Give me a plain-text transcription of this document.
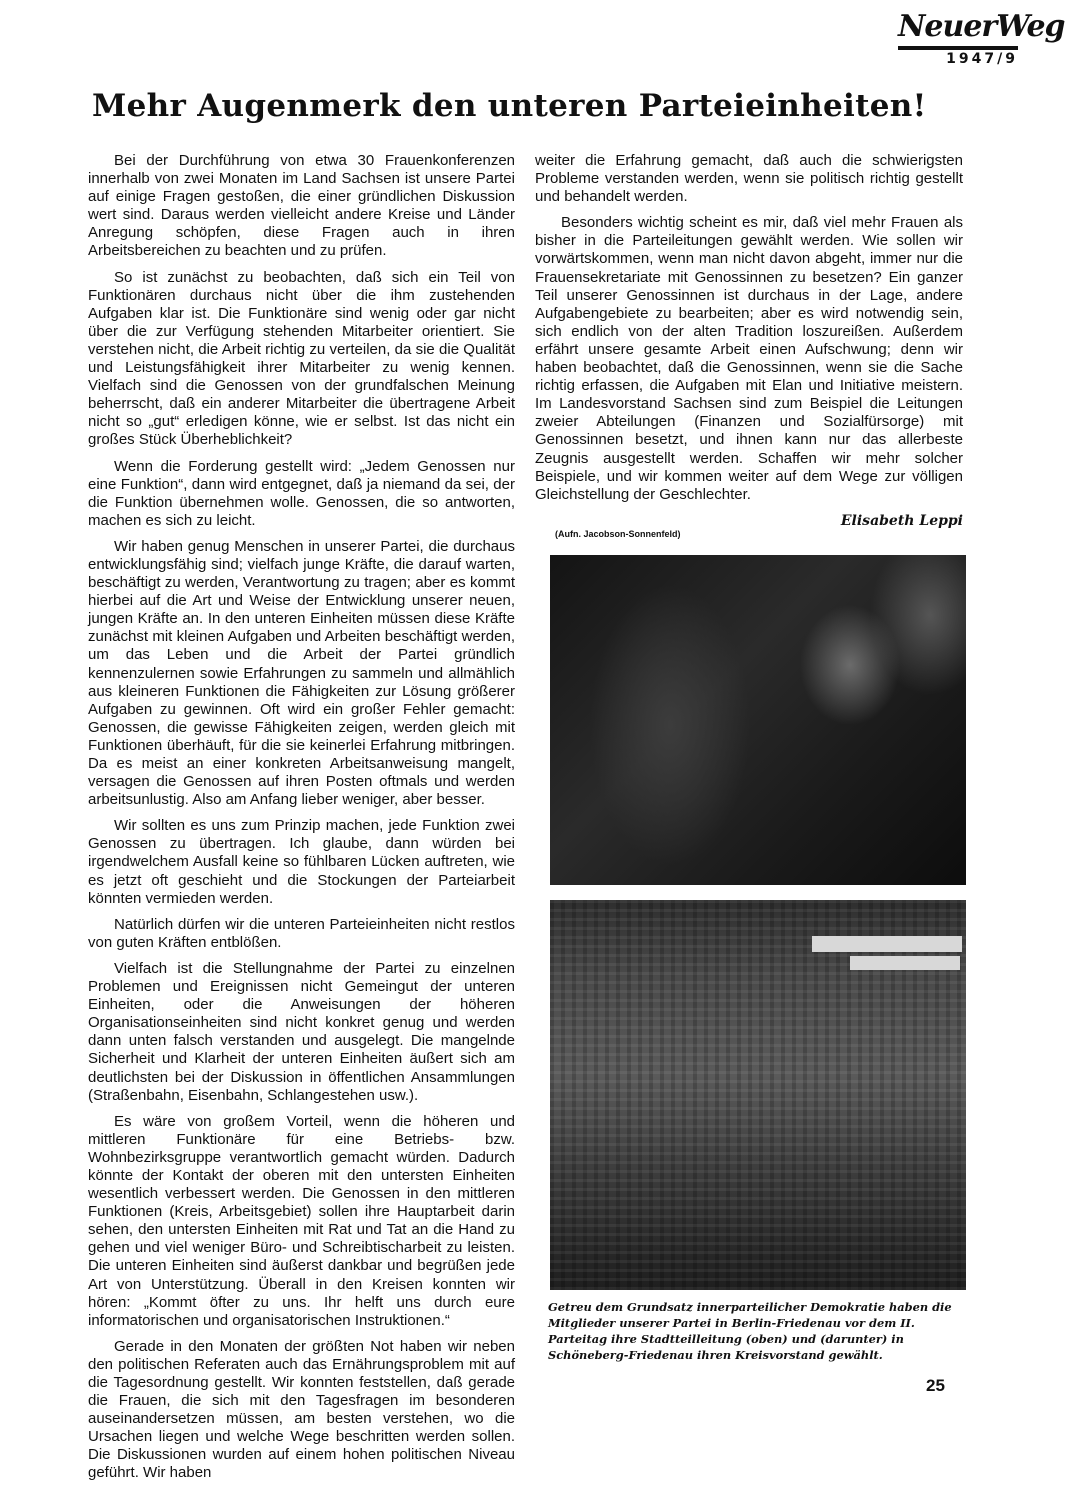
NeuerWeg
1947/9
Mehr Augenmerk den unteren Parteieinheiten!

Bei der Durchführung von etwa 30 Frauenkonferenzen innerhalb von zwei Monaten im Land Sachsen ist unsere Partei auf einige Fragen gestoßen, die einer gründlichen Diskussion wert sind. Daraus werden vielleicht andere Kreise und Länder Anregung schöpfen, diese Fragen auch in ihren Arbeitsbereichen zu beachten und zu prüfen.

So ist zunächst zu beobachten, daß sich ein Teil von Funktionären durchaus nicht über die ihm zustehenden Aufgaben klar ist. Die Funktionäre sind wenig oder gar nicht über die zur Verfügung stehenden Mitarbeiter orientiert. Sie verstehen nicht, die Arbeit richtig zu verteilen, da sie die Qualität und Leistungsfähigkeit ihrer Mitarbeiter zu wenig kennen. Vielfach sind die Genossen von der grundfalschen Meinung beherrscht, daß ein anderer Mitarbeiter die übertragene Arbeit nicht so „gut“ erledigen könne, wie er selbst. Ist das nicht ein großes Stück Überheblichkeit?

Wenn die Forderung gestellt wird: „Jedem Genossen nur eine Funktion“, dann wird entgegnet, daß ja niemand da sei, der die Funktion übernehmen wolle. Genossen, die so antworten, machen es sich zu leicht.

Wir haben genug Menschen in unserer Partei, die durchaus entwicklungsfähig sind; vielfach junge Kräfte, die darauf warten, beschäftigt zu werden, Verantwortung zu tragen; aber es kommt hierbei auf die Art und Weise der Entwicklung unserer neuen, jungen Kräfte an. In den unteren Einheiten müssen diese Kräfte zunächst mit kleinen Aufgaben und Arbeiten beschäftigt werden, um das Leben und die Arbeit der Partei gründlich kennenzulernen sowie Erfahrungen zu sammeln und allmählich aus kleineren Funktionen die Fähigkeiten zur Lösung größerer Aufgaben zu gewinnen. Oft wird ein großer Fehler gemacht: Genossen, die gewisse Fähigkeiten zeigen, werden gleich mit Funktionen überhäuft, für die sie keinerlei Erfahrung mitbringen. Da es meist an einer konkreten Arbeitsanweisung mangelt, versagen die Genossen auf ihren Posten oftmals und werden arbeitsunlustig. Also am Anfang lieber weniger, aber besser.

Wir sollten es uns zum Prinzip machen, jede Funktion zwei Genossen zu übertragen. Ich glaube, dann würden bei irgendwelchem Ausfall keine so fühlbaren Lücken auftreten, wie es jetzt oft geschieht und die Stockungen der Parteiarbeit könnten vermieden werden.

Natürlich dürfen wir die unteren Parteieinheiten nicht restlos von guten Kräften entblößen.

Vielfach ist die Stellungnahme der Partei zu einzelnen Problemen und Ereignissen nicht Gemeingut der unteren Einheiten, oder die Anweisungen der höheren Organisationseinheiten sind nicht konkret genug und werden dann unten falsch verstanden und ausgelegt. Die mangelnde Sicherheit und Klarheit der unteren Einheiten äußert sich am deutlichsten bei der Diskussion in öffentlichen Ansammlungen (Straßenbahn, Eisenbahn, Schlangestehen usw.).

Es wäre von großem Vorteil, wenn die höheren und mittleren Funktionäre für eine Betriebs- bzw. Wohnbezirksgruppe verantwortlich gemacht würden. Dadurch könnte der Kontakt der oberen mit den untersten Einheiten wesentlich verbessert werden. Die Genossen in den mittleren Funktionen (Kreis, Arbeitsgebiet) sollen ihre Hauptarbeit darin sehen, den untersten Einheiten mit Rat und Tat an die Hand zu gehen und viel weniger Büro- und Schreibtischarbeit zu leisten. Die unteren Einheiten sind äußerst dankbar und begrüßen jede Art von Unterstützung. Überall in den Kreisen konnten wir hören: „Kommt öfter zu uns. Ihr helft uns durch eure informatorischen und organisatorischen Instruktionen.“

Gerade in den Monaten der größten Not haben wir neben den politischen Referaten auch das Ernährungsproblem mit auf die Tagesordnung gestellt. Wir konnten feststellen, daß gerade die Frauen, die sich mit den Tagesfragen im besonderen auseinandersetzen müssen, am besten verstehen, wo die Ursachen liegen und welche Wege beschritten werden sollen. Die Diskussionen wurden auf einem hohen politischen Niveau geführt. Wir haben

weiter die Erfahrung gemacht, daß auch die schwierigsten Probleme verstanden werden, wenn sie politisch richtig gestellt und behandelt werden.

Besonders wichtig scheint es mir, daß viel mehr Frauen als bisher in die Parteileitungen gewählt werden. Wie sollen wir vorwärtskommen, wenn man nicht davon abgeht, immer nur die Frauensekretariate mit Genossinnen zu besetzen? Ein ganzer Teil unserer Genossinnen ist durchaus in der Lage, andere Aufgabengebiete zu bearbeiten; aber es wird notwendig sein, sich endlich von der alten Tradition loszureißen. Außerdem erfährt unsere gesamte Arbeit einen Aufschwung; denn wir haben beobachtet, daß die Genossinnen, wenn sie die Sache richtig erfassen, die Aufgaben mit Elan und Initiative meistern. Im Landesvorstand Sachsen sind zum Beispiel die Leitungen zweier Abteilungen (Finanzen und Sozialfürsorge) mit Genossinnen besetzt, und ihnen kann nur das allerbeste Zeugnis ausgestellt werden. Schaffen wir mehr solcher Beispiele, und wir kommen weiter auf dem Wege zur völligen Gleichstellung der Geschlechter.

Elisabeth Leppi
(Aufn. Jacobson-Sonnenfeld)
Getreu dem Grundsatz innerparteilicher Demokratie haben die Mitglieder unserer Partei in Berlin-Friedenau vor dem II. Parteitag ihre Stadtteilleitung (oben) und (darunter) in Schöneberg-Friedenau ihren Kreisvorstand gewählt.
25
